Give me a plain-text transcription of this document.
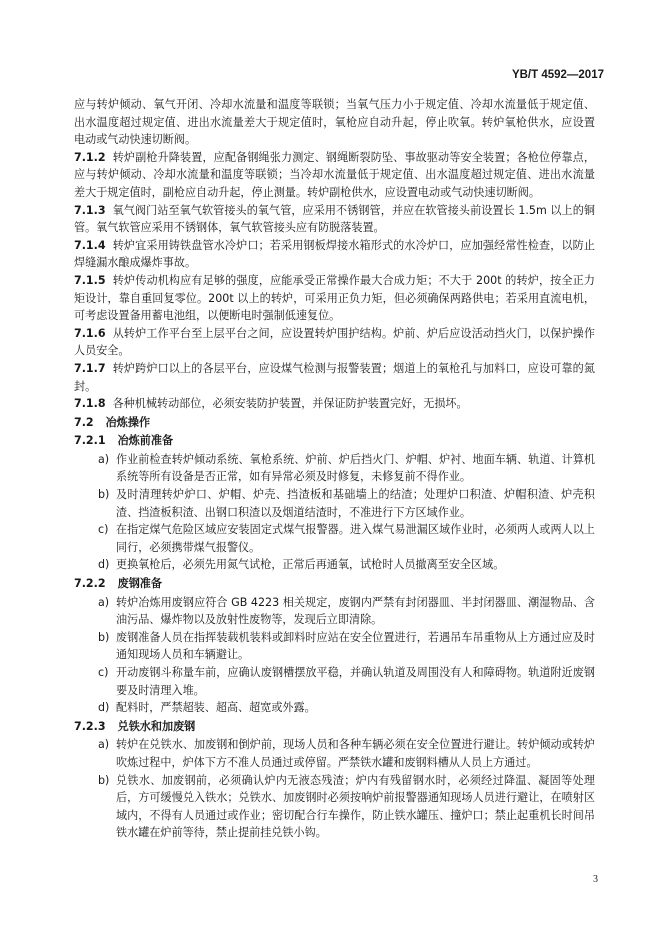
YB/T 4592—2017

应与转炉倾动、氧气开闭、冷却水流量和温度等联锁；当氧气压力小于规定值、冷却水流量低于规定值、出水温度超过规定值、进出水流量差大于规定值时，氧枪应自动升起，停止吹氧。转炉氧枪供水，应设置电动或气动快速切断阀。

7.1.2 转炉副枪升降装置，应配备钢绳张力测定、钢绳断裂防坠、事故驱动等安全装置；各枪位停靠点，应与转炉倾动、冷却水流量和温度等联锁；当冷却水流量低于规定值、出水温度超过规定值、进出水流量差大于规定值时，副枪应自动升起，停止测量。转炉副枪供水，应设置电动或气动快速切断阀。

7.1.3 氧气阀门站至氧气软管接头的氧气管，应采用不锈钢管，并应在软管接头前设置长 1.5m 以上的铜管。氧气软管应采用不锈钢体，氧气软管接头应有防脱落装置。

7.1.4 转炉宜采用铸铁盘管水冷炉口；若采用钢板焊接水箱形式的水冷炉口，应加强经常性检查，以防止焊缝漏水酿成爆炸事故。

7.1.5 转炉传动机构应有足够的强度，应能承受正常操作最大合成力矩；不大于 200t 的转炉，按全正力矩设计，靠自重回复零位。200t 以上的转炉，可采用正负力矩，但必须确保两路供电；若采用直流电机，可考虑设置备用蓄电池组，以便断电时强制低速复位。

7.1.6 从转炉工作平台至上层平台之间，应设置转炉围护结构。炉前、炉后应设活动挡火门，以保护操作人员安全。

7.1.7 转炉跨炉口以上的各层平台，应设煤气检测与报警装置；烟道上的氧枪孔与加料口，应设可靠的氮封。

7.1.8 各种机械转动部位，必须安装防护装置，并保证防护装置完好，无损坏。

7.2 冶炼操作

7.2.1 冶炼前准备

a) 作业前检查转炉倾动系统、氧枪系统、炉前、炉后挡火门、炉帽、炉衬、地面车辆、轨道、计算机系统等所有设备是否正常，如有异常必须及时修复，未修复前不得作业。
b) 及时清理转炉炉口、炉帽、炉壳、挡渣板和基础墙上的结渣；处理炉口积渣、炉帽积渣、炉壳积渣、挡渣板积渣、出钢口积渣以及烟道结渣时，不准进行下方区域作业。
c) 在指定煤气危险区域应安装固定式煤气报警器。进入煤气易泄漏区域作业时，必须两人或两人以上同行，必须携带煤气报警仪。
d) 更换氧枪后，必须先用氮气试枪，正常后再通氧，试枪时人员撤离至安全区域。

7.2.2 废钢准备

a) 转炉冶炼用废钢应符合 GB 4223 相关规定，废钢内严禁有封闭器皿、半封闭器皿、潮湿物品、含油污品、爆炸物以及放射性废物等，发现后立即清除。
b) 废钢准备人员在指挥装载机装料或卸料时应站在安全位置进行，若遇吊车吊重物从上方通过应及时通知现场人员和车辆避让。
c) 开动废钢斗称量车前，应确认废钢槽摆放平稳，并确认轨道及周围没有人和障碍物。轨道附近废钢要及时清理入堆。
d) 配料时，严禁超装、超高、超宽或外露。

7.2.3 兑铁水和加废钢

a) 转炉在兑铁水、加废钢和倒炉前，现场人员和各种车辆必须在安全位置进行避让。转炉倾动或转炉吹炼过程中，炉体下方不准人员通过或停留。严禁铁水罐和废钢料槽从人员上方通过。
b) 兑铁水、加废钢前，必须确认炉内无液态残渣；炉内有残留钢水时，必须经过降温、凝固等处理后，方可缓慢兑入铁水；兑铁水、加废钢时必须按响炉前报警器通知现场人员进行避让，在喷射区域内，不得有人员通过或作业；密切配合行车操作，防止铁水罐压、撞炉口；禁止起重机长时间吊铁水罐在炉前等待，禁止提前挂兑铁小钩。
3
